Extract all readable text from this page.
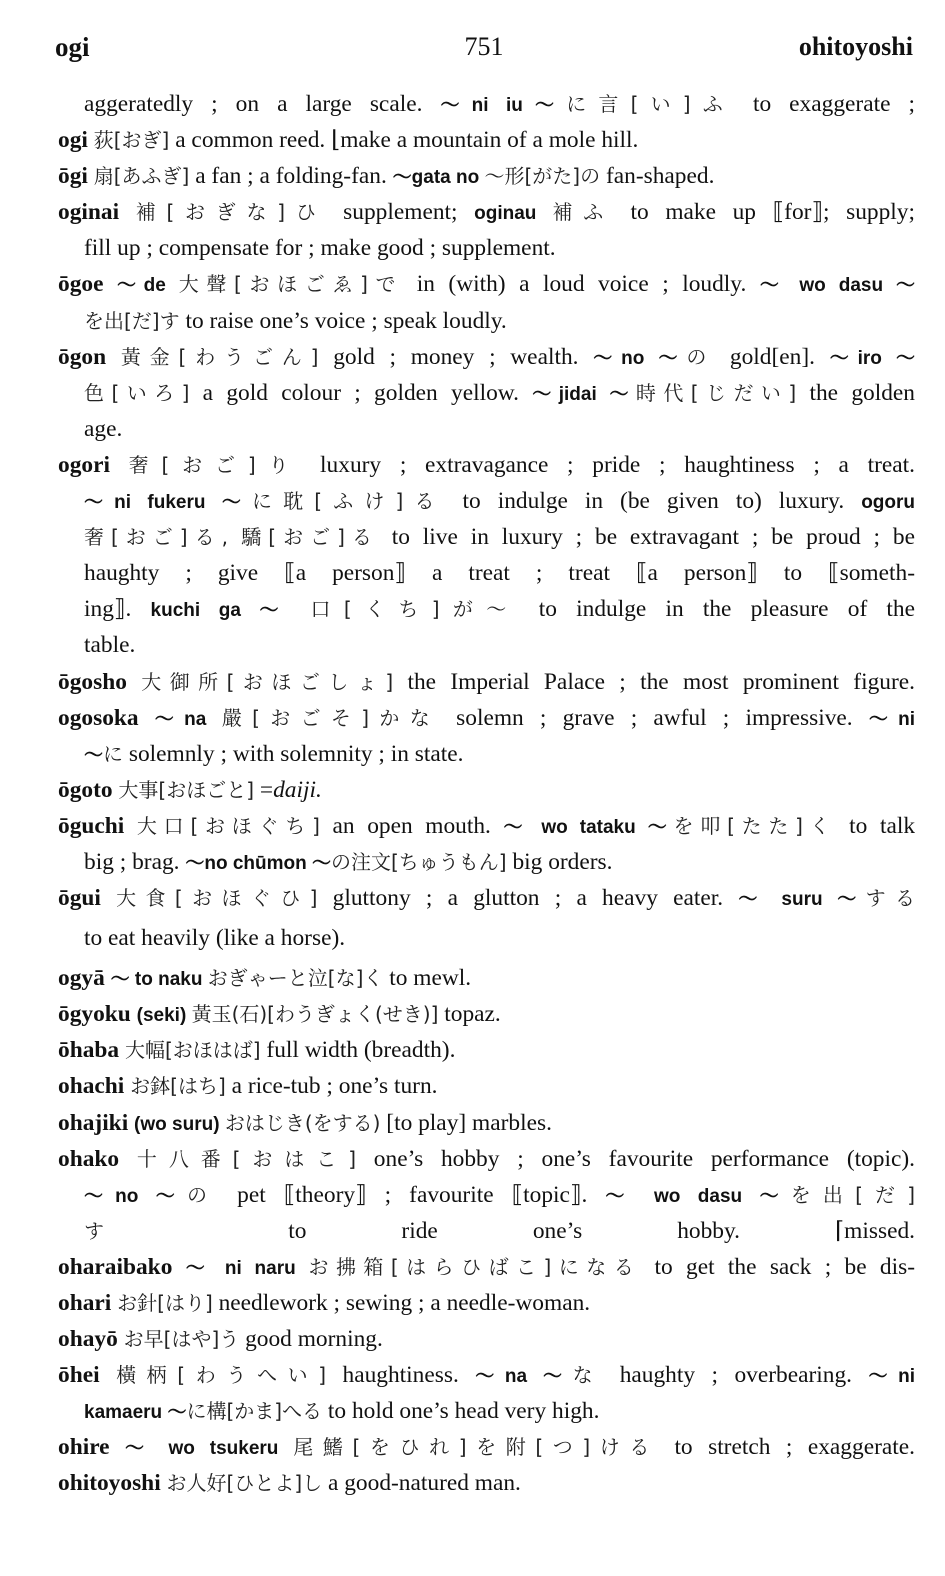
ogi	751	ohitoyoshi
aggeratedly ; on a large scale. ～ni iu～に言[い]ふ to exaggerate ;
ogi 荻[おぎ] a common reed. ⌊make a mountain of a mole hill.
ōgi 扇[あふぎ] a fan ; a folding-fan. ～gata no ～形[がた]の fan-shaped.
oginai 補[おぎな]ひ supplement; oginau 補ふ to make up ⟦for⟧; supply;
fill up ; compensate for ; make good ; supplement.
ōgoe ～de 大聲[おほごゑ]で in (with) a loud voice ; loudly. ～ wo dasu ～
を出[だ]す to raise one’s voice ; speak loudly.
ōgon 黃金[わうごん] gold ; money ; wealth. ～no ～の gold[en]. ～iro ～
色[いろ] a gold colour ; golden yellow. ～jidai ～時代[じだい] the golden
age.
ogori 奢[おご]り luxury ; extravagance ; pride ; haughtiness ; a treat.
～ni fukeru ～に耽[ふけ]る to indulge in (be given to) luxury. ogoru
奢[おご]る, 驕[おご]る to live in luxury ; be extravagant ; be proud ; be
haughty ; give ⟦a person⟧ a treat ; treat ⟦a person⟧ to ⟦someth-
ing⟧. kuchi ga ～ 口[くち]が～ to indulge in the pleasure of the
table.
ōgosho 大御所[おほごしょ] the Imperial Palace ; the most prominent figure.
ogosoka ～na 嚴[おごそ]かな solemn ; grave ; awful ; impressive. ～ni
～に solemnly ; with solemnity ; in state.
ōgoto 大事[おほごと] =daiji.
ōguchi 大口[おほぐち] an open mouth. ～ wo tataku ～を叩[たた]く to talk
big ; brag. ～no chūmon ～の注文[ちゅうもん] big orders.
ōgui 大食[おほぐひ] gluttony ; a glutton ; a heavy eater. ～ suru ～する
to eat heavily (like a horse).
ogyā ～ to naku おぎゃーと泣[な]く to mewl.
ōgyoku (seki) 黃玉(石)[わうぎょく(せき)] topaz.
ōhaba 大幅[おほはば] full width (breadth).
ohachi お鉢[はち] a rice-tub ; one’s turn.
ohajiki (wo suru) おはじき(をする) [to play] marbles.
ohako 十八番[おはこ] one’s hobby ; one’s favourite performance (topic).
～no ～の pet ⟦theory⟧ ; favourite ⟦topic⟧. ～ wo dasu ～を出[だ]
す to ride one’s hobby. ⌈missed.
oharaibako ～ ni naru お拂箱[はらひばこ]になる to get the sack ; be dis-
ohari お針[はり] needlework ; sewing ; a needle-woman.
ohayō お早[はや]う good morning.
ōhei 橫柄[わうへい] haughtiness. ～na ～な haughty ; overbearing. ～ni
kamaeru ～に構[かま]へる to hold one’s head very high.
ohire ～ wo tsukeru 尾鰭[をひれ]を附[つ]ける to stretch ; exaggerate.
ohitoyoshi お人好[ひとよ]し a good-natured man.
